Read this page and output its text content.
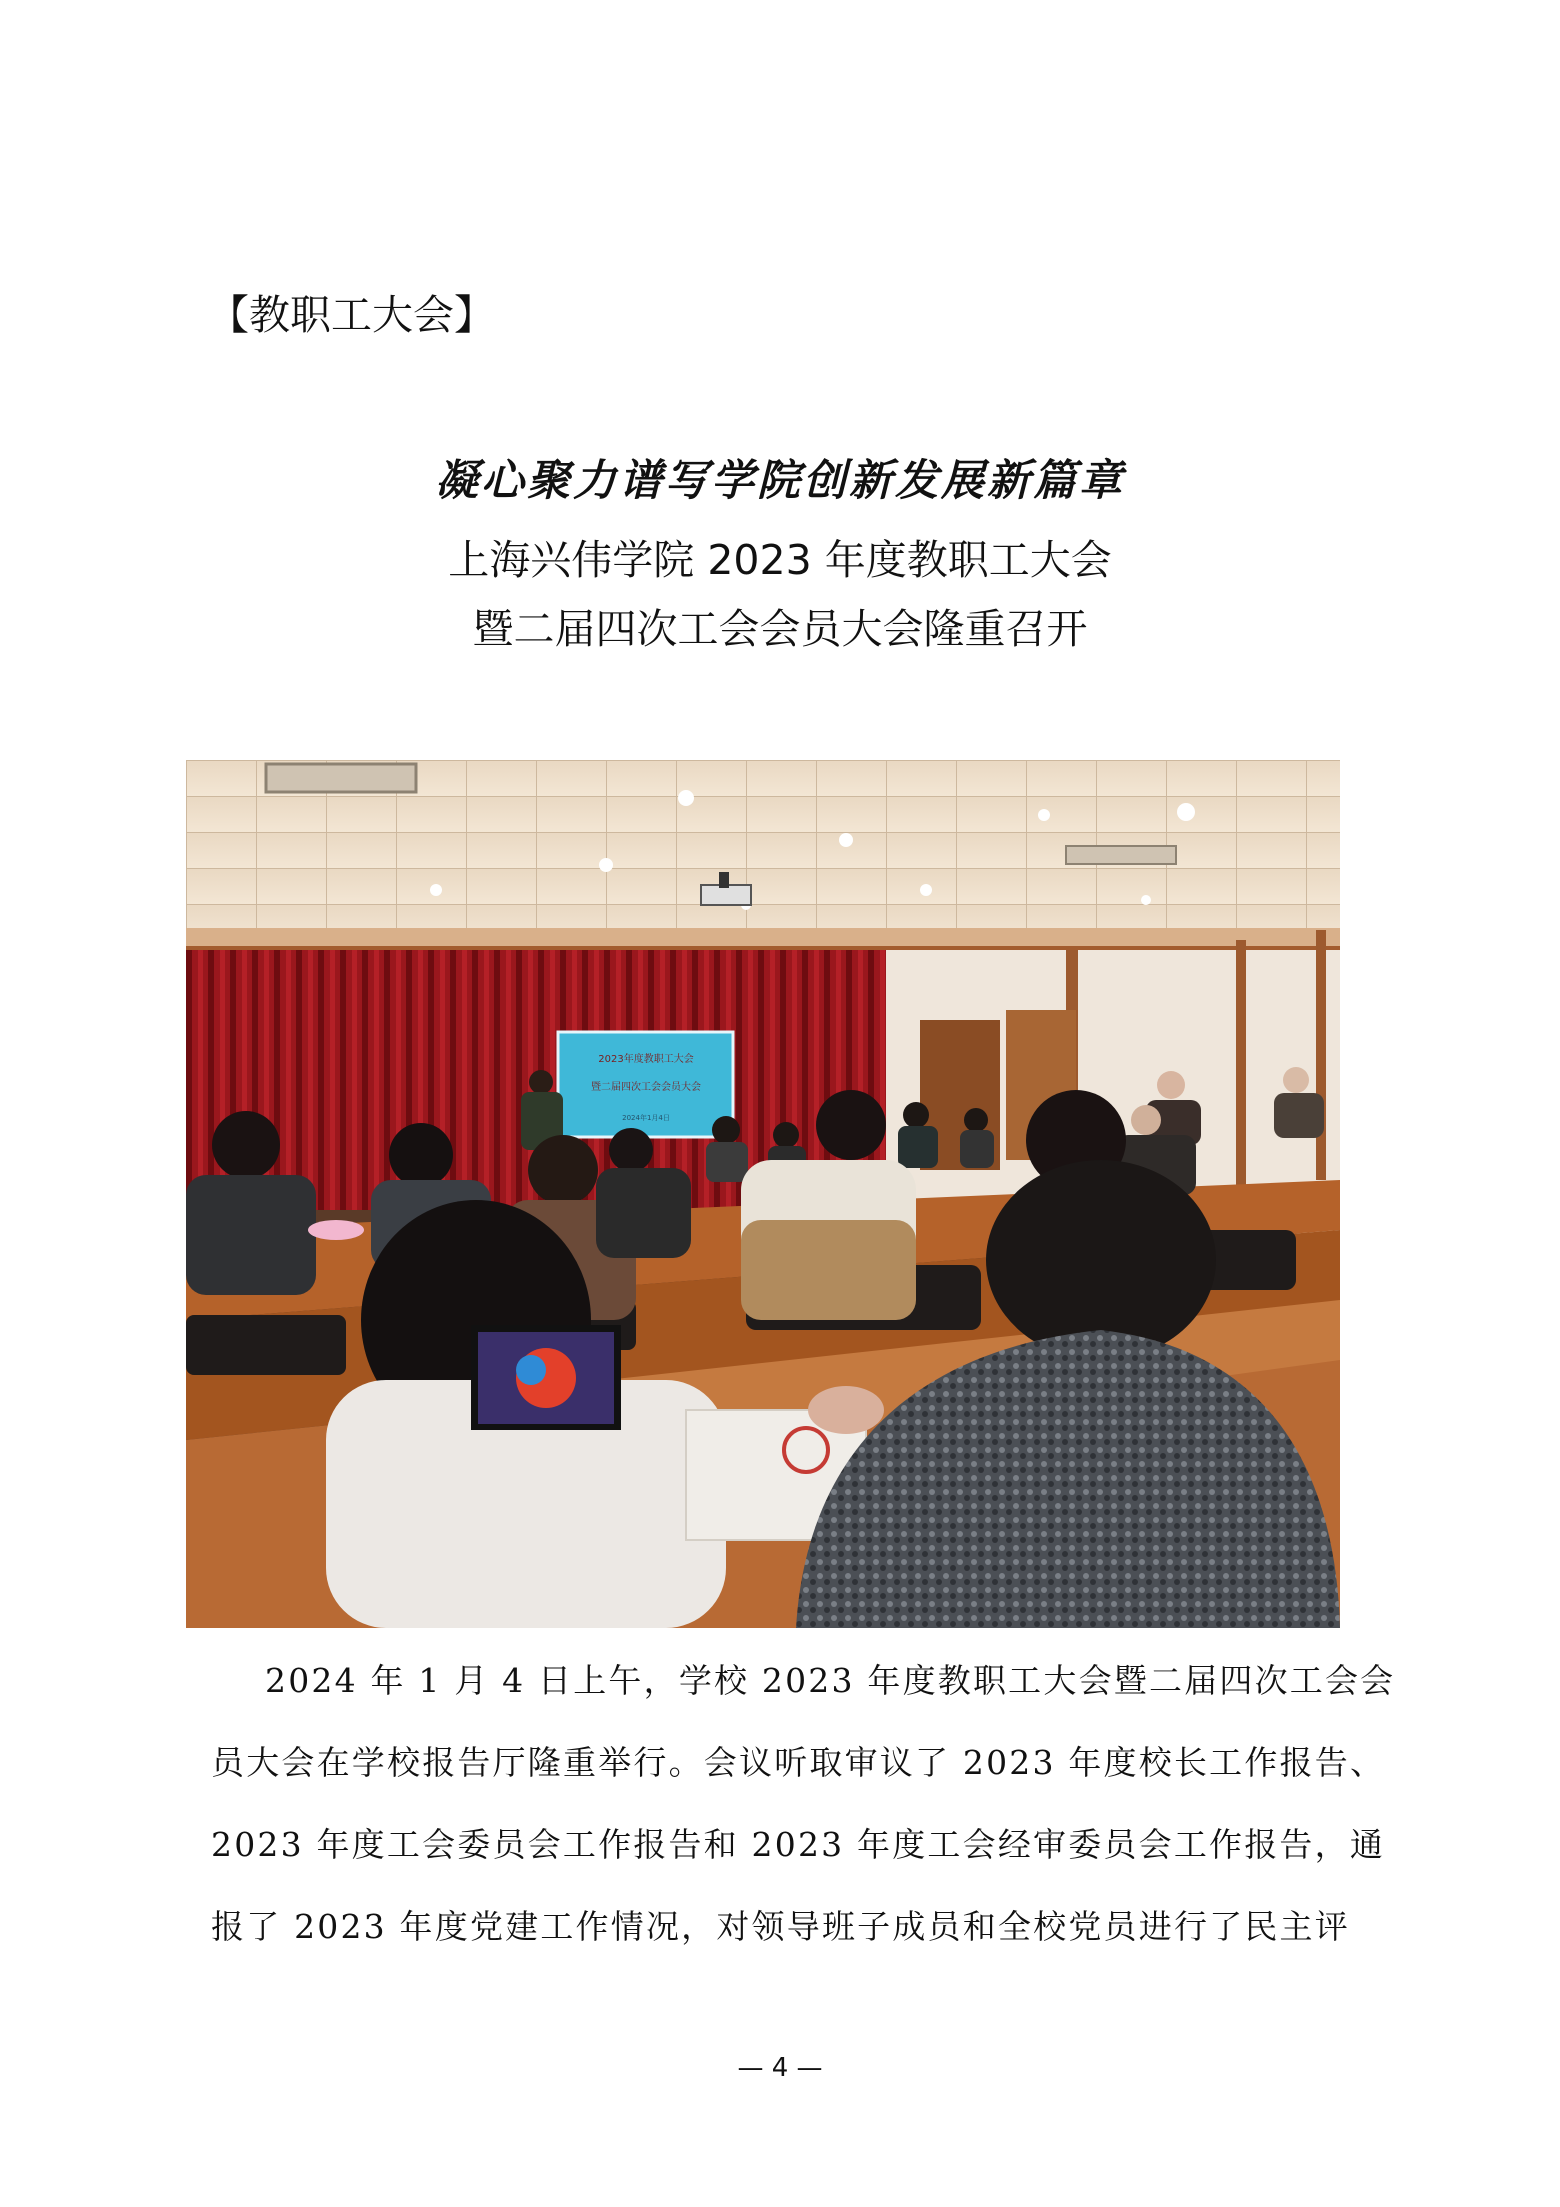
【教职工大会】
凝心聚力谱写学院创新发展新篇章
上海兴伟学院 2023 年度教职工大会
暨二届四次工会会员大会隆重召开
2023年度教职工大会
暨二届四次工会会员大会
2024年1月4日
2024 年 1 月 4 日上午，学校 2023 年度教职工大会暨二届四次工会会
员大会在学校报告厅隆重举行。会议听取审议了 2023 年度校长工作报告、
2023 年度工会委员会工作报告和 2023 年度工会经审委员会工作报告，通
报了 2023 年度党建工作情况，对领导班子成员和全校党员进行了民主评
— 4 —
